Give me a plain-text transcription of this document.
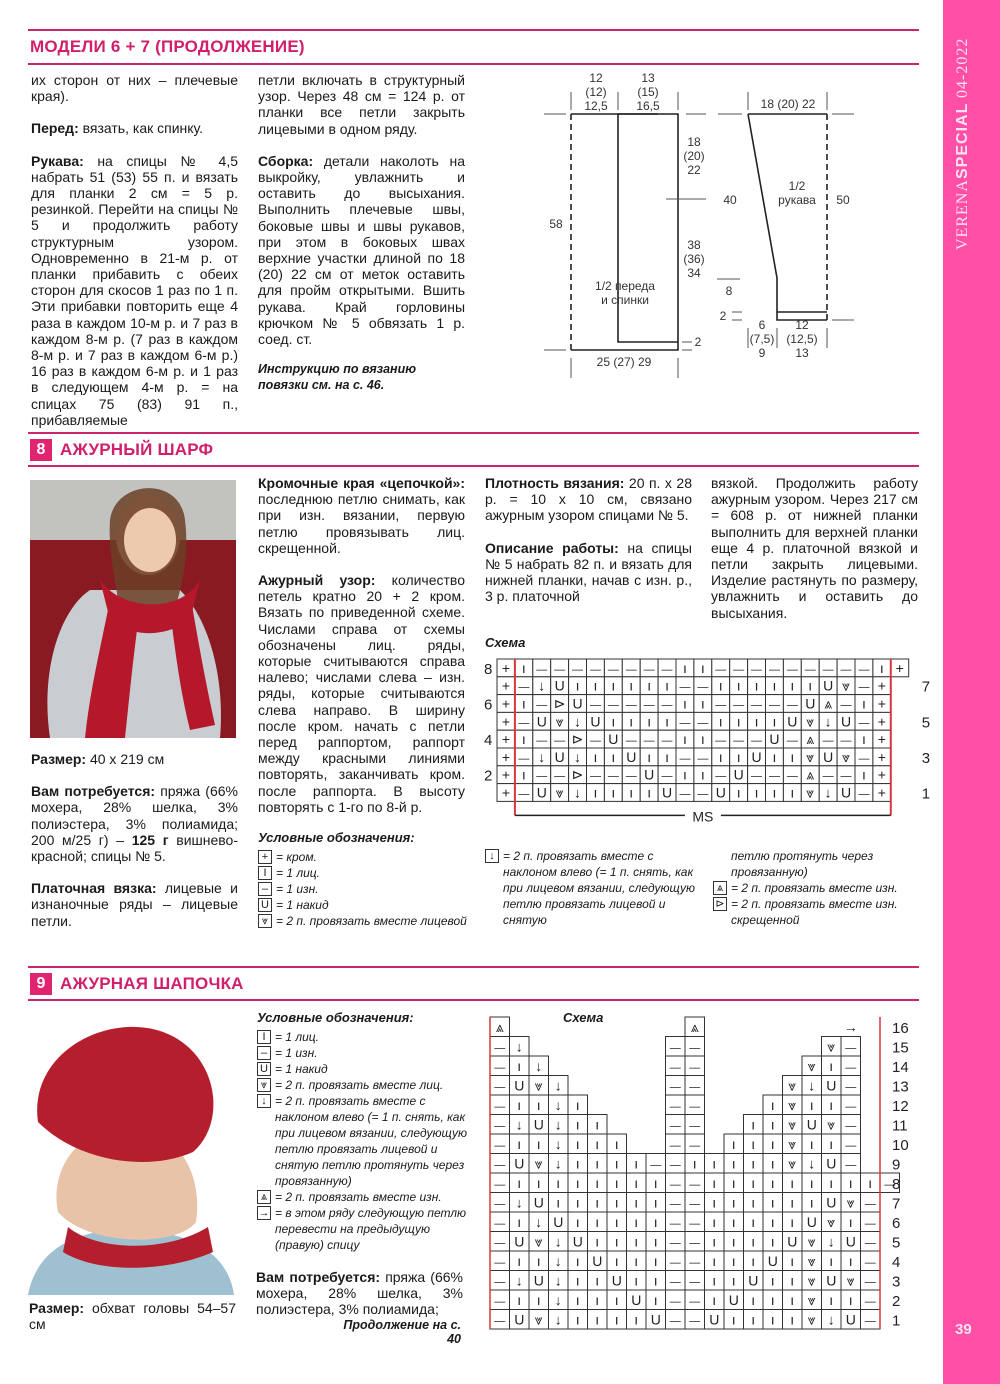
VERENA
SPECIAL

04-2022
39
МОДЕЛИ 6 + 7 (ПРОДОЛЖЕНИЕ)

их сторон от них – плечевые края).

Перед: вязать, как спинку.

Рукава: на спицы № 4,5 набрать 51 (53) 55 п. и вязать для планки 2 см = 5 р. резинкой. Перейти на спицы № 5 и продолжить работу структурным узором. Одновременно в 21-м р. от планки прибавить с обеих сторон для скосов 1 раз по 1 п. Эти прибавки повторить еще 4 раза в каждом 10-м р. и 7 раз в каждом 8-м р. (7 раз в каждом 8-м р. и 7 раз в каждом 6-м р.) 16 раз в каждом 6-м р. и 1 раз в следующем 4-м р. = на спицах 75 (83) 91 п., прибавляемые

петли включать в структурный узор. Через 48 см = 124 р. от планки все петли закрыть лицевыми в одном ряду.

Сборка: детали наколоть на выкройку, увлажнить и оставить до высыхания. Выполнить плечевые швы, боковые швы и швы рукавов, при этом в боковых швах верхние участки длиной по 18 (20) 22 см от меток оставить для пройм открытыми. Вшить рукава. Край горловины крючком № 5 обвязать 1 р. соед. ст.

Инструкцию по вязанию повязки см. на с. 46.
12
(12)
12,5
13
(15)
16,5
18
(20)
22
38
(36)
34
58
2
25 (27) 29
1/2 переда
и спинки
18 (20) 22
40	50
8
2
6
(7,5)
9
12
(12,5)
13
1/2
рукава
8 АЖУРНЫЙ ШАРФ

Размер: 40 x 219 см

Вам потребуется: пряжа (66% мохера, 28% шелка, 3% полиэстера, 3% полиамида; 200 м/25 г) – 125 г вишнево-красной; спицы № 5.

Платочная вязка: лицевые и изнаночные ряды – лицевые петли.

Кромочные края «цепочкой»: последнюю петлю снимать, как при изн. вязании, первую петлю провязывать лиц. скрещенной.

Ажурный узор: количество петель кратно 20 + 2 кром. Вязать по приведенной схеме. Числами справа от схемы обозначены лиц. ряды, которые считываются справа налево; числами слева – изн. ряды, которые считываются слева направо. В ширину после кром. начать с петли перед раппортом, раппорт между красными линиями повторять, заканчивать кром. после раппорта. В высоту повторять с 1-го по 8-й р.

Плотность вязания: 20 п. x 28 р. = 10 x 10 см, связано ажурным узором спицами № 5.

Описание работы: на спицы № 5 набрать 82 п. и вязать для нижней планки, начав с изн. р., 3 р. платочной

вязкой. Продолжить работу ажурным узором. Через 217 см = 608 р. от нижней планки выполнить для верхней планки еще 4 р. платочной вязкой и петли закрыть лицевыми. Изделие растянуть по размеру, увлажнить и оставить до высыхания.
Условные обозначения:
+ = кром.
I = 1 лиц.
– = 1 изн.
U = 1 накид
⩔ = 2 п. провязать вместе лицевой
Схема
+ ı — — — — — — — — ı ı — — — — — — — — — ı +
+ — ↓ U ı ı ı ı ı ı — — ı ı ı ı ı ı U ⩔ — +
+ ı — ⊳ U — — — — — ı ı — — — — — U ⩓ — ı +
+ — U ⩔ ↓ U ı ı ı ı — — ı ı ı ı U ⩔ ↓ U — +
+ ı — — ⊳ — U — — — ı ı — — — U — ⩓ — — ı +
+ — ↓ U ↓ ı ı U ı ı — — ı ı U ı ı ⩔ U ⩔ — +
+ ı — — ⊳ — — — U — ı ı — U — — — ⩓ — — ı +
+ — U ⩔ ↓ ı ı ı ı U — — U ı ı ı ı ⩔ ↓ U — +
MS
8
6
4
2
7
5
3
1
↓ = 2 п. провязать вместе с наклоном влево (= 1 п. снять, как при лицевом вязании, следующую петлю провязать лицевой и снятую
петлю протянуть через провязанную)
⩓ = 2 п. провязать вместе изн.
⊳ = 2 п. провязать вместе изн. скрещенной
9 АЖУРНАЯ ШАПОЧКА
Размер: обхват головы 54–57 см
Условные обозначения:
I = 1 лиц.
– = 1 изн.
U = 1 накид
⩔ = 2 п. провязать вместе лиц.
↓ = 2 п. провязать вместе с наклоном влево (= 1 п. снять, как при лицевом вязании, следующую петлю провязать лицевой и снятую петлю протянуть через провязанную)
⩓ = 2 п. провязать вместе изн.
→ = в этом ряду следующую петлю перевести на предыдущую (правую) спицу
Вам потребуется: пряжа (66% мохера, 28% шелка, 3% полиэстера, 3% полиамида;
Продолжение на с. 40
Схема
⩓	⩓	→
— ↓	— —	⩔ —
— ı ↓	— —	⩔ ı —
— U ⩔ ↓	— —	⩔ ↓ U —
— ı ı ↓ ı	— —	ı ⩔ ı ı —
— ↓ U ↓ ı ı	— —	ı ı ⩔ U ⩔ —
— ı ı ↓ ı ı ı	— — ı ı ı ⩔ ı ı —
— U ⩔ ↓ ı ı ı ı — — ı ı ı ı ı ⩔ ↓ U —
— ı ı ı ı ı ı ı ı — — ı ı ı ı ı ı ı ı ı —
— ↓ U ı ı ı ı ı ı — — ı ı ı ı ı ı U ⩔ —
— ı ↓ U ı ı ı ı ı — — ı ı ı ı ı U ⩔ ı —
— U ⩔ ↓ U ı ı ı ı — — ı ı ı ı U ⩔ ↓ U —
— ı ı ↓ ı U ı ı ı — — ı ı ı U ı ⩔ ı ı —
— ↓ U ↓ ı ı U ı ı — — ı ı U ı ı ⩔ U ⩔ —
— ı ı ↓ ı ı ı U ı — — ı U ı ı ı ⩔ ı ı —
— U ⩔ ↓ ı ı ı ı U — — U ı ı ı ı ⩔ ↓ U —
16
15
14
13
12
11
10
9
8
7
6
5
4
3
2
1
